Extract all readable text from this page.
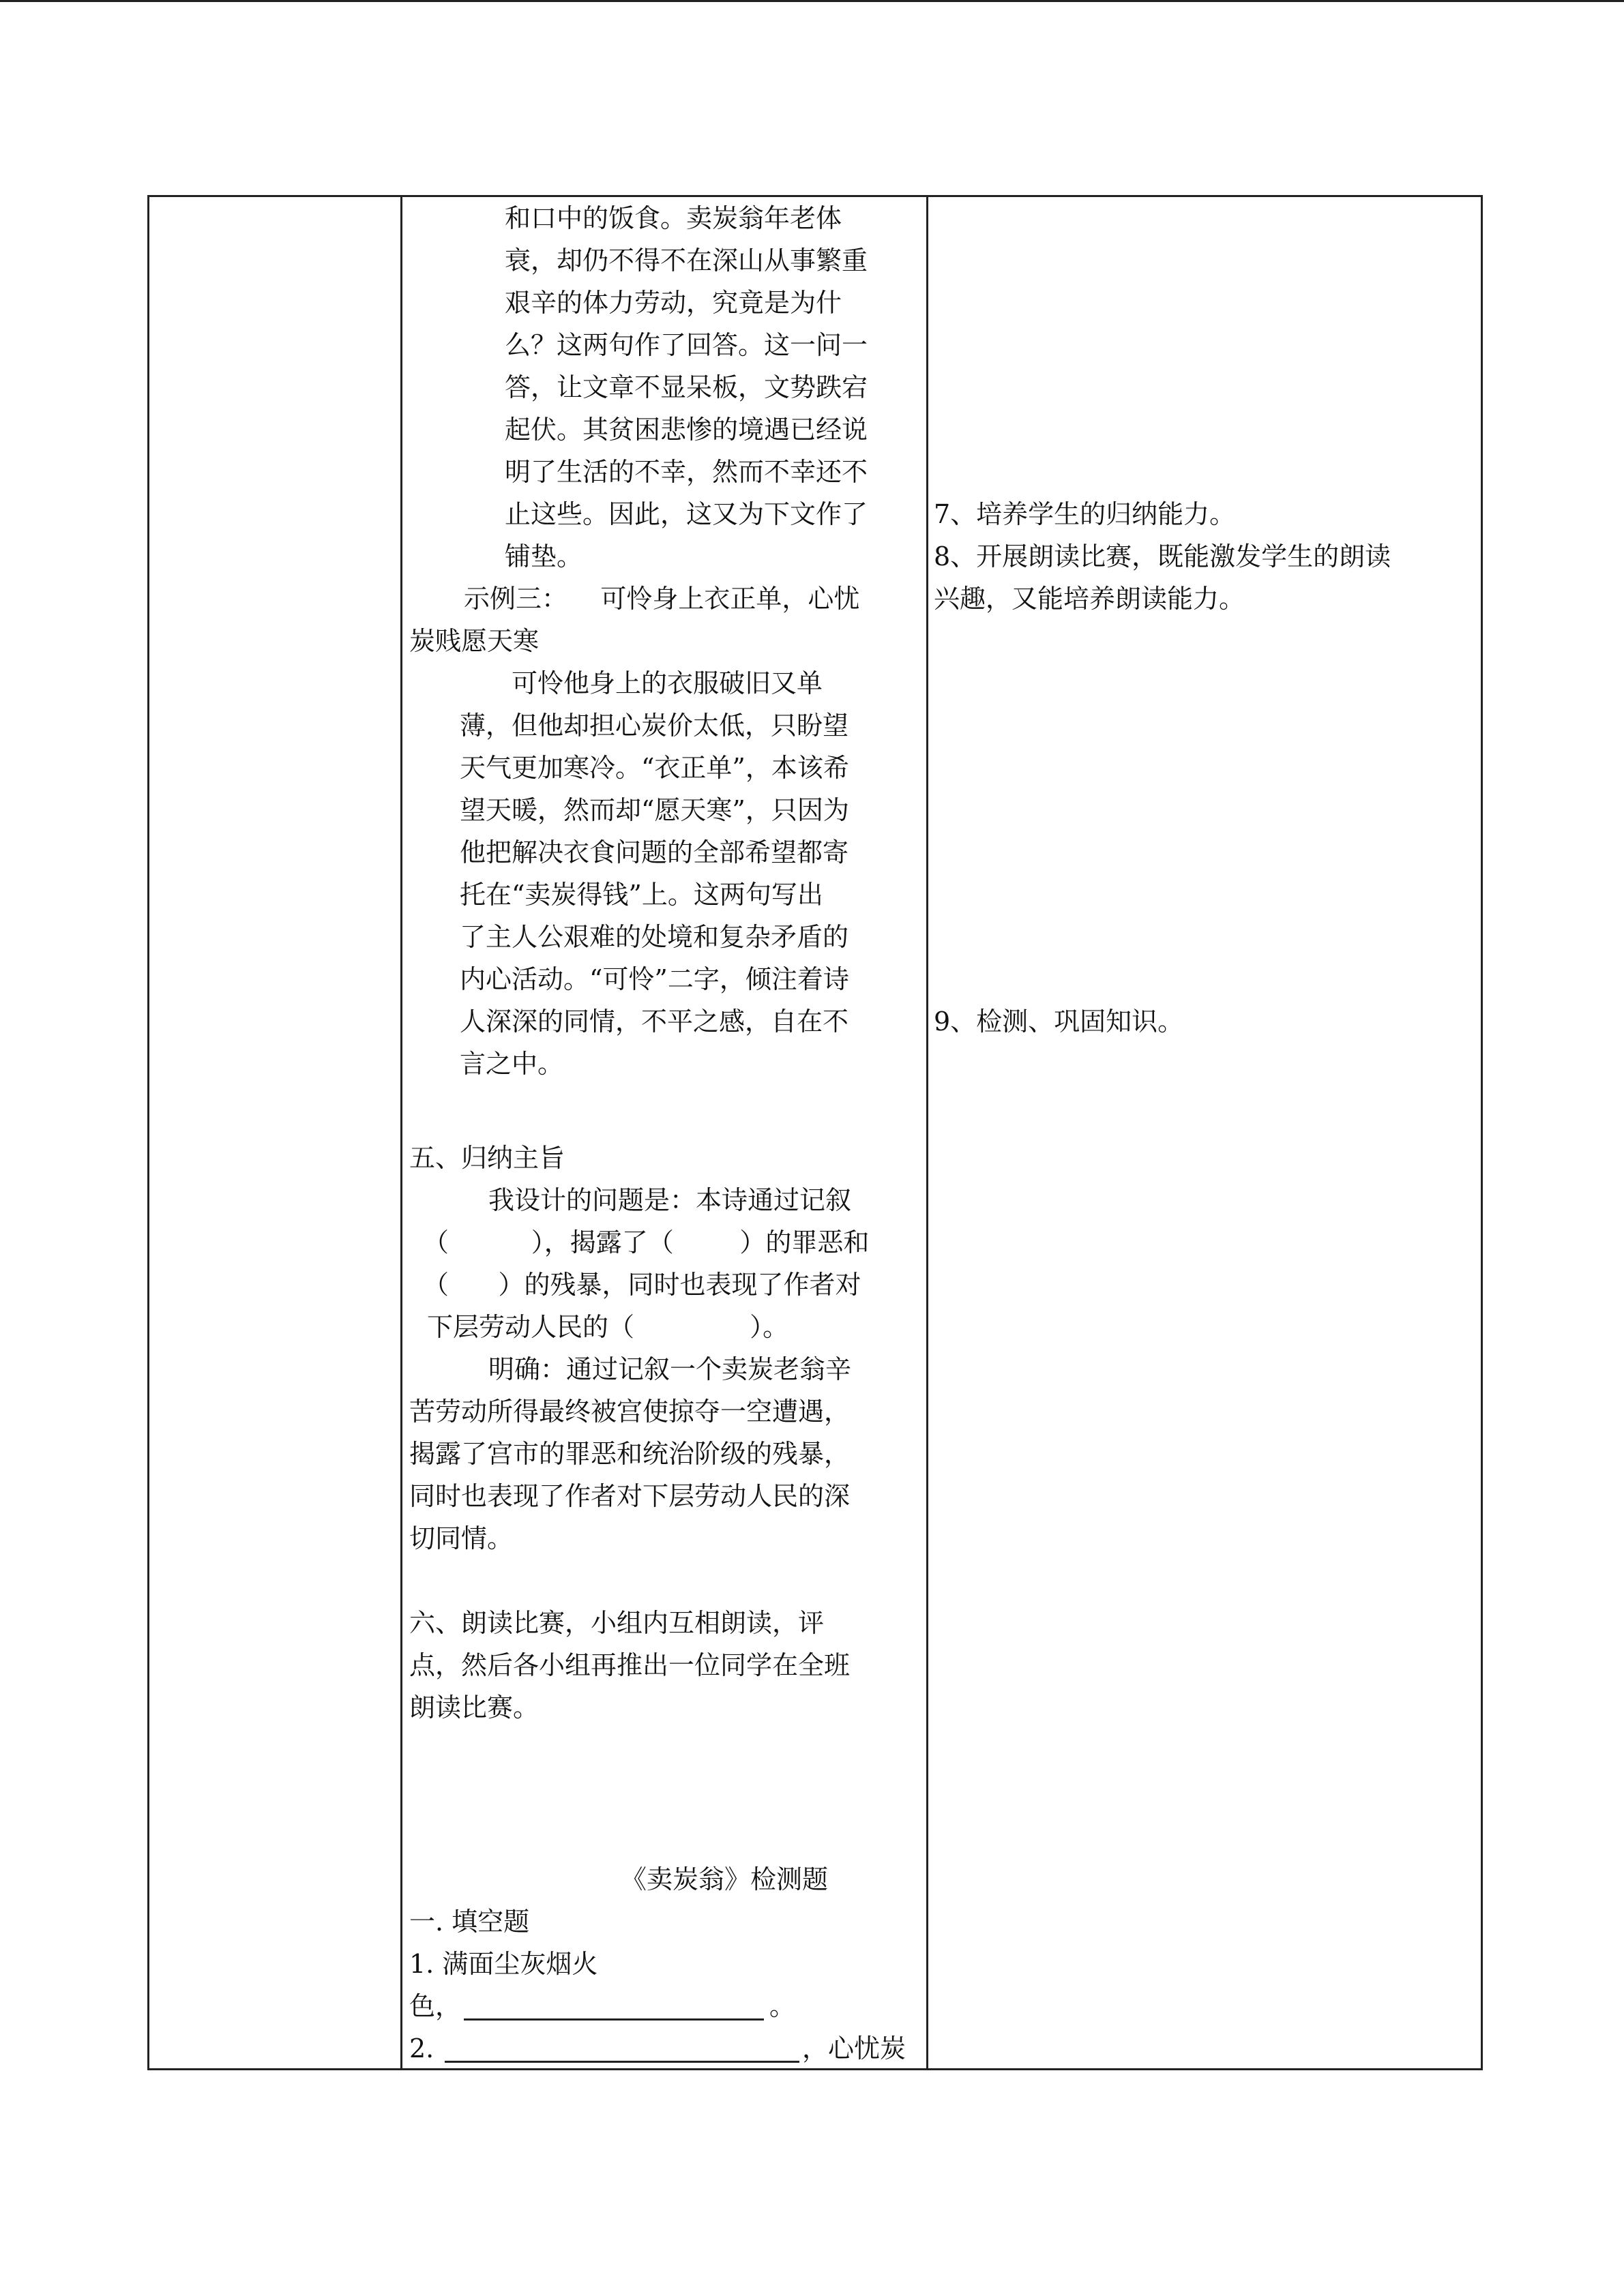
和口中的饭食。卖炭翁年老体
衰，却仍不得不在深山从事繁重
艰辛的体力劳动，究竟是为什
么？这两句作了回答。这一问一
答，让文章不显呆板，文势跌宕
起伏。其贫困悲惨的境遇已经说
明了生活的不幸，然而不幸还不
止这些。因此，这又为下文作了
铺垫。
示例三：    可怜身上衣正单，心忧
炭贱愿天寒
可怜他身上的衣服破旧又单
薄，但他却担心炭价太低，只盼望
天气更加寒冷。“衣正单”，本该希
望天暖，然而却“愿天寒”，只因为
他把解决衣食问题的全部希望都寄
托在“卖炭得钱”上。这两句写出
了主人公艰难的处境和复杂矛盾的
内心活动。“可怜”二字，倾注着诗
人深深的同情，不平之感，自在不
言之中。
五、归纳主旨
我设计的问题是：本诗通过记叙
（          ），揭露了（        ）的罪恶和
（      ）的残暴，同时也表现了作者对
下层劳动人民的（              ）。
明确：通过记叙一个卖炭老翁辛
苦劳动所得最终被宫使掠夺一空遭遇，
揭露了宫市的罪恶和统治阶级的残暴，
同时也表现了作者对下层劳动人民的深
切同情。
六、朗读比赛，小组内互相朗读，评
点，然后各小组再推出一位同学在全班
朗读比赛。
《卖炭翁》检测题
一. 填空题
1. 满面尘灰烟火
色，	。
2.	，心忧炭
7、培养学生的归纳能力。
8、开展朗读比赛，既能激发学生的朗读
兴趣，又能培养朗读能力。
9、检测、巩固知识。
